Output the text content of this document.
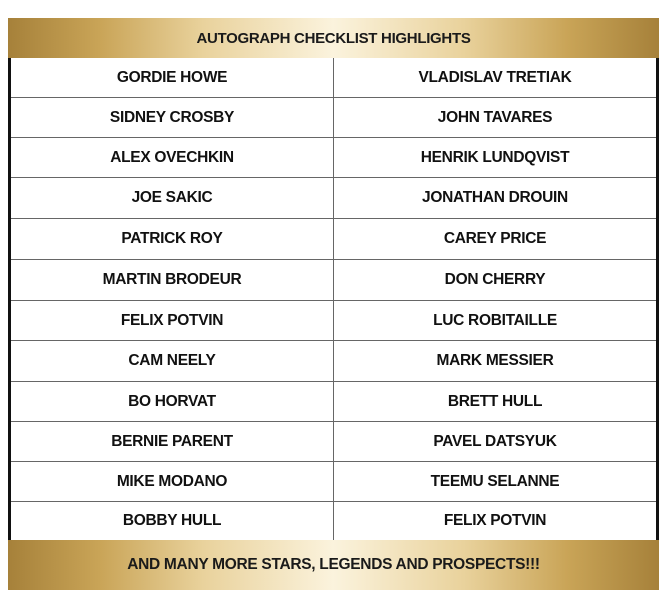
AUTOGRAPH CHECKLIST HIGHLIGHTS
GORDIE HOWE	VLADISLAV TRETIAK
SIDNEY CROSBY	JOHN TAVARES
ALEX OVECHKIN	HENRIK LUNDQVIST
JOE SAKIC	JONATHAN DROUIN
PATRICK ROY	CAREY PRICE
MARTIN BRODEUR	DON CHERRY
FELIX POTVIN	LUC ROBITAILLE
CAM NEELY	MARK MESSIER
BO HORVAT	BRETT HULL
BERNIE PARENT	PAVEL DATSYUK
MIKE MODANO	TEEMU SELANNE
BOBBY HULL	FELIX POTVIN
AND MANY MORE STARS, LEGENDS AND PROSPECTS!!!
